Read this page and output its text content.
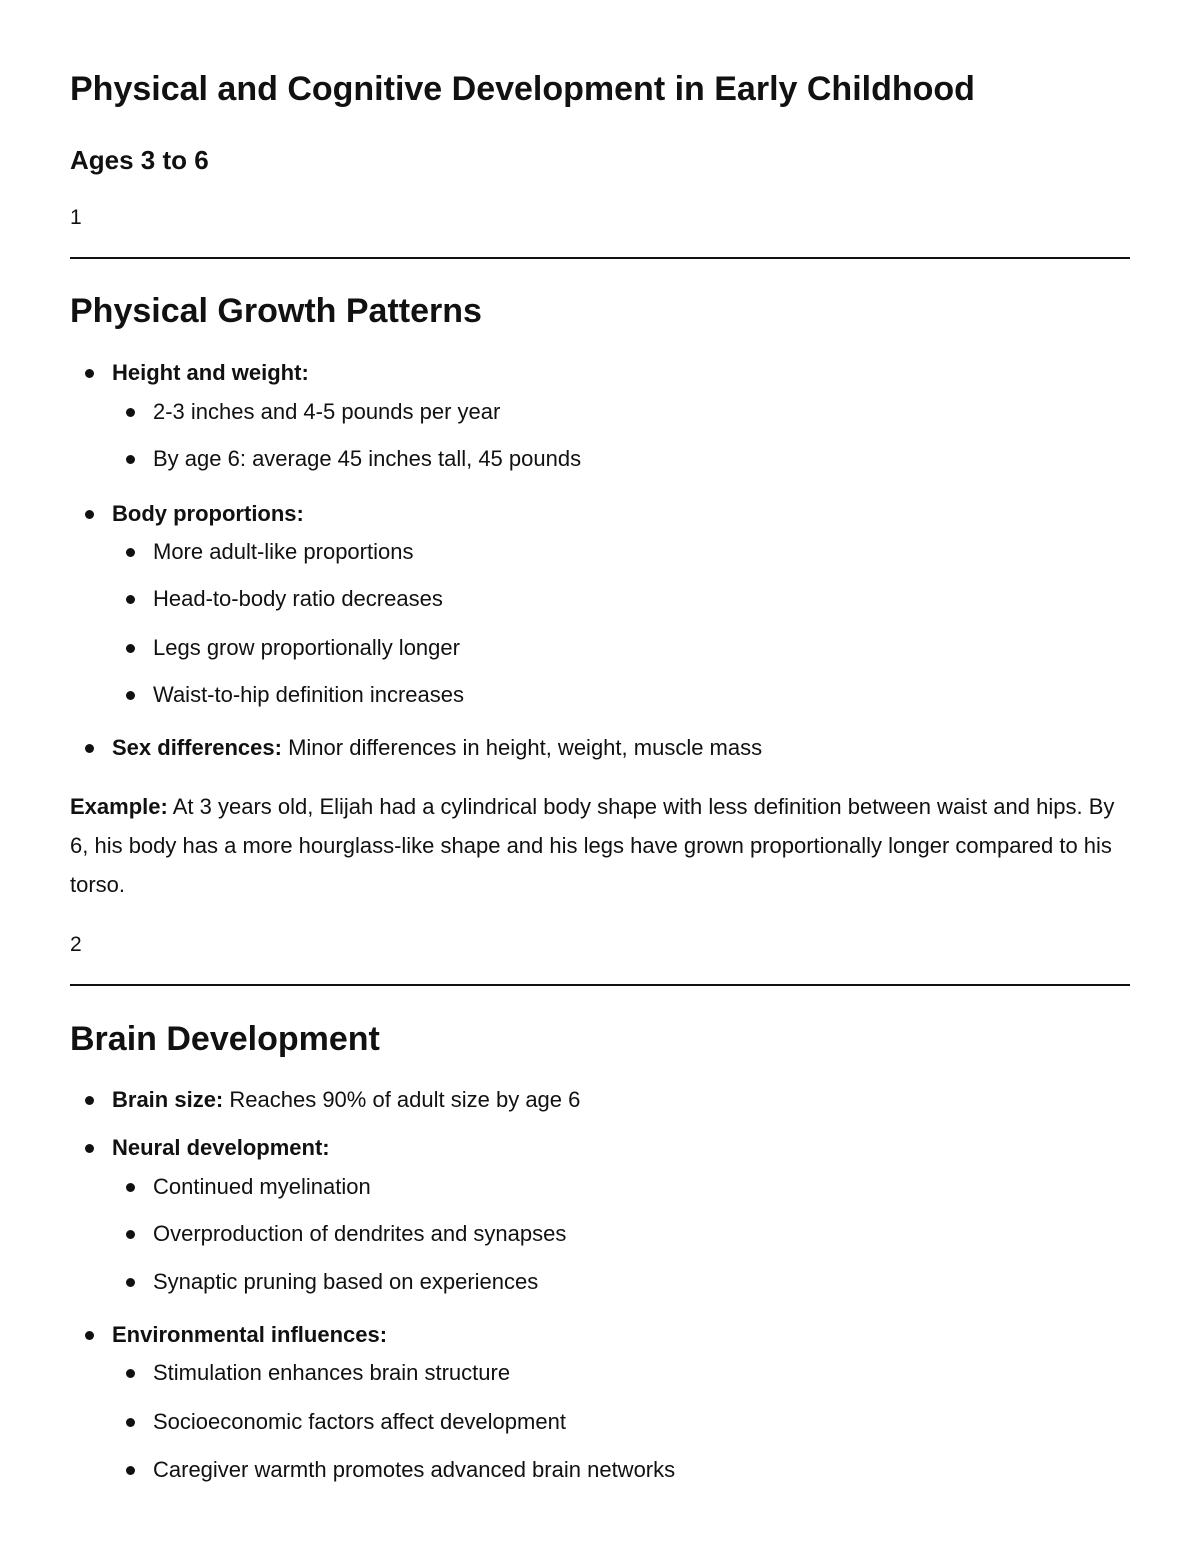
Physical and Cognitive Development in Early Childhood
Ages 3 to 6
1
Physical Growth Patterns
Height and weight:
2-3 inches and 4-5 pounds per year
By age 6: average 45 inches tall, 45 pounds
Body proportions:
More adult-like proportions
Head-to-body ratio decreases
Legs grow proportionally longer
Waist-to-hip definition increases
Sex differences: Minor differences in height, weight, muscle mass

Example: At 3 years old, Elijah had a cylindrical body shape with less definition between waist and hips. By 6, his body has a more hourglass-like shape and his legs have grown proportionally longer compared to his torso.

2
Brain Development
Brain size: Reaches 90% of adult size by age 6
Neural development:
Continued myelination
Overproduction of dendrites and synapses
Synaptic pruning based on experiences
Environmental influences:
Stimulation enhances brain structure
Socioeconomic factors affect development
Caregiver warmth promotes advanced brain networks
